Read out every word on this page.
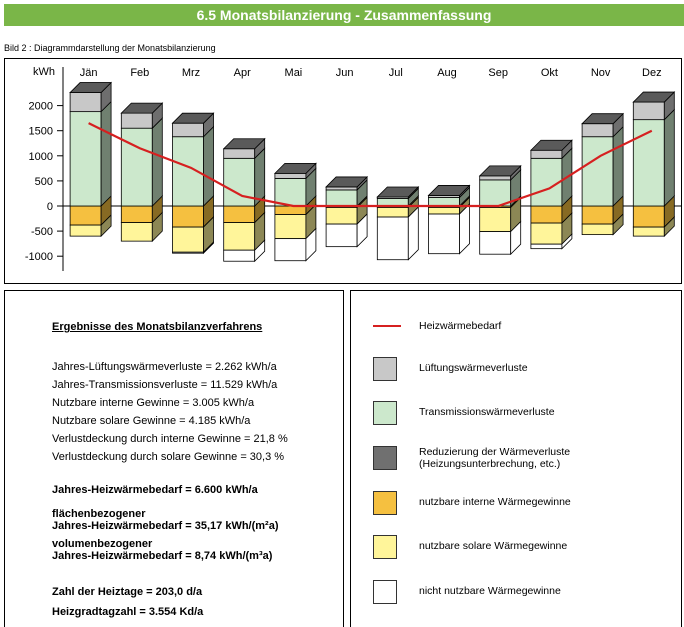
6.5 Monatsbilanzierung - Zusammenfassung
Bild 2 : Diagrammdarstellung der Monatsbilanzierung
kWh
2000
1500
1000
500
0
-500
-1000
Jän	Feb	Mrz	Apr	Mai	Jun	Jul	Aug	Sep	Okt	Nov	Dez
Ergebnisse des Monatsbilanzverfahrens
Jahres-Lüftungswärmeverluste = 2.262 kWh/a
Jahres-Transmissionsverluste = 11.529 kWh/a
Nutzbare interne Gewinne = 3.005 kWh/a
Nutzbare solare Gewinne = 4.185 kWh/a
Verlustdeckung durch interne Gewinne = 21,8 %
Verlustdeckung durch solare Gewinne = 30,3 %
Jahres-Heizwärmebedarf = 6.600 kWh/a
flächenbezogener
Jahres-Heizwärmebedarf = 35,17 kWh/(m²a)
volumenbezogener
Jahres-Heizwärmebedarf = 8,74 kWh/(m³a)
Zahl der Heiztage = 203,0 d/a
Heizgradtagzahl = 3.554 Kd/a
Heizwärmebedarf
Lüftungswärmeverluste
Transmissionswärmeverluste
Reduzierung der Wärmeverluste
(Heizungsunterbrechung, etc.)
nutzbare interne Wärmegewinne
nutzbare solare Wärmegewinne
nicht nutzbare Wärmegewinne
